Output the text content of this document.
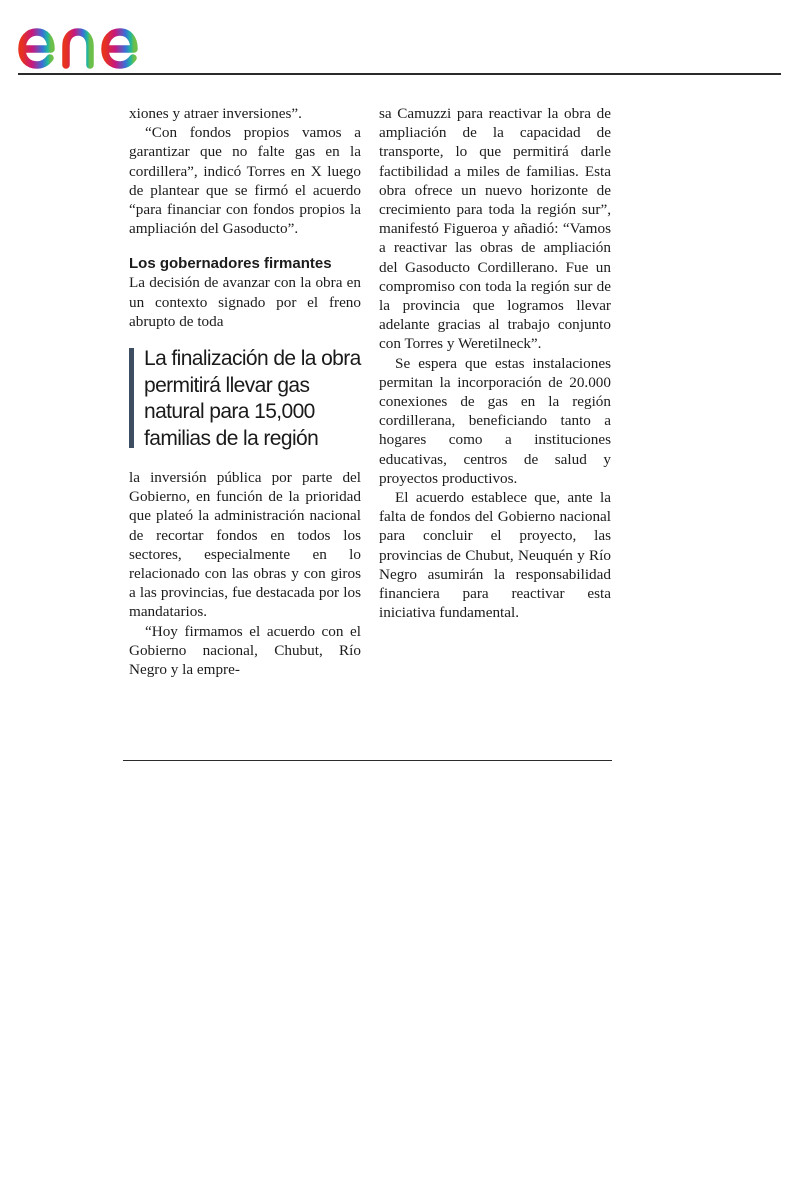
xiones y atraer inversiones”.

“Con fondos propios vamos a garantizar que no falte gas en la cordillera”, indicó Torres en X luego de plantear que se firmó el acuerdo “para financiar con fondos propios la ampliación del Gasoducto”.

Los gobernadores firmantes

La decisión de avanzar con la obra en un contexto signado por el freno abrupto de toda

La finalización de la obra permitirá llevar gas natural para 15,000 familias de la región

la inversión pública por parte del Gobierno, en función de la prioridad que plateó la administración nacional de recortar fondos en todos los sectores, especialmente en lo relacionado con las obras y con giros a las provincias, fue destacada por los mandatarios.

“Hoy firmamos el acuerdo con el Gobierno nacional, Chubut, Río Negro y la empre-

sa Camuzzi para reactivar la obra de ampliación de la capacidad de transporte, lo que permitirá darle factibilidad a miles de familias. Esta obra ofrece un nuevo horizonte de crecimiento para toda la región sur”, manifestó Figueroa y añadió: “Vamos a reactivar las obras de ampliación del Gasoducto Cordillerano. Fue un compromiso con toda la región sur de la provincia que logramos llevar adelante gracias al trabajo conjunto con Torres y Weretilneck”.

Se espera que estas instalaciones permitan la incorporación de 20.000 conexiones de gas en la región cordillerana, beneficiando tanto a hogares como a instituciones educativas, centros de salud y proyectos productivos.

El acuerdo establece que, ante la falta de fondos del Gobierno nacional para concluir el proyecto, las provincias de Chubut, Neuquén y Río Negro asumirán la responsabilidad financiera para reactivar esta iniciativa fundamental.
